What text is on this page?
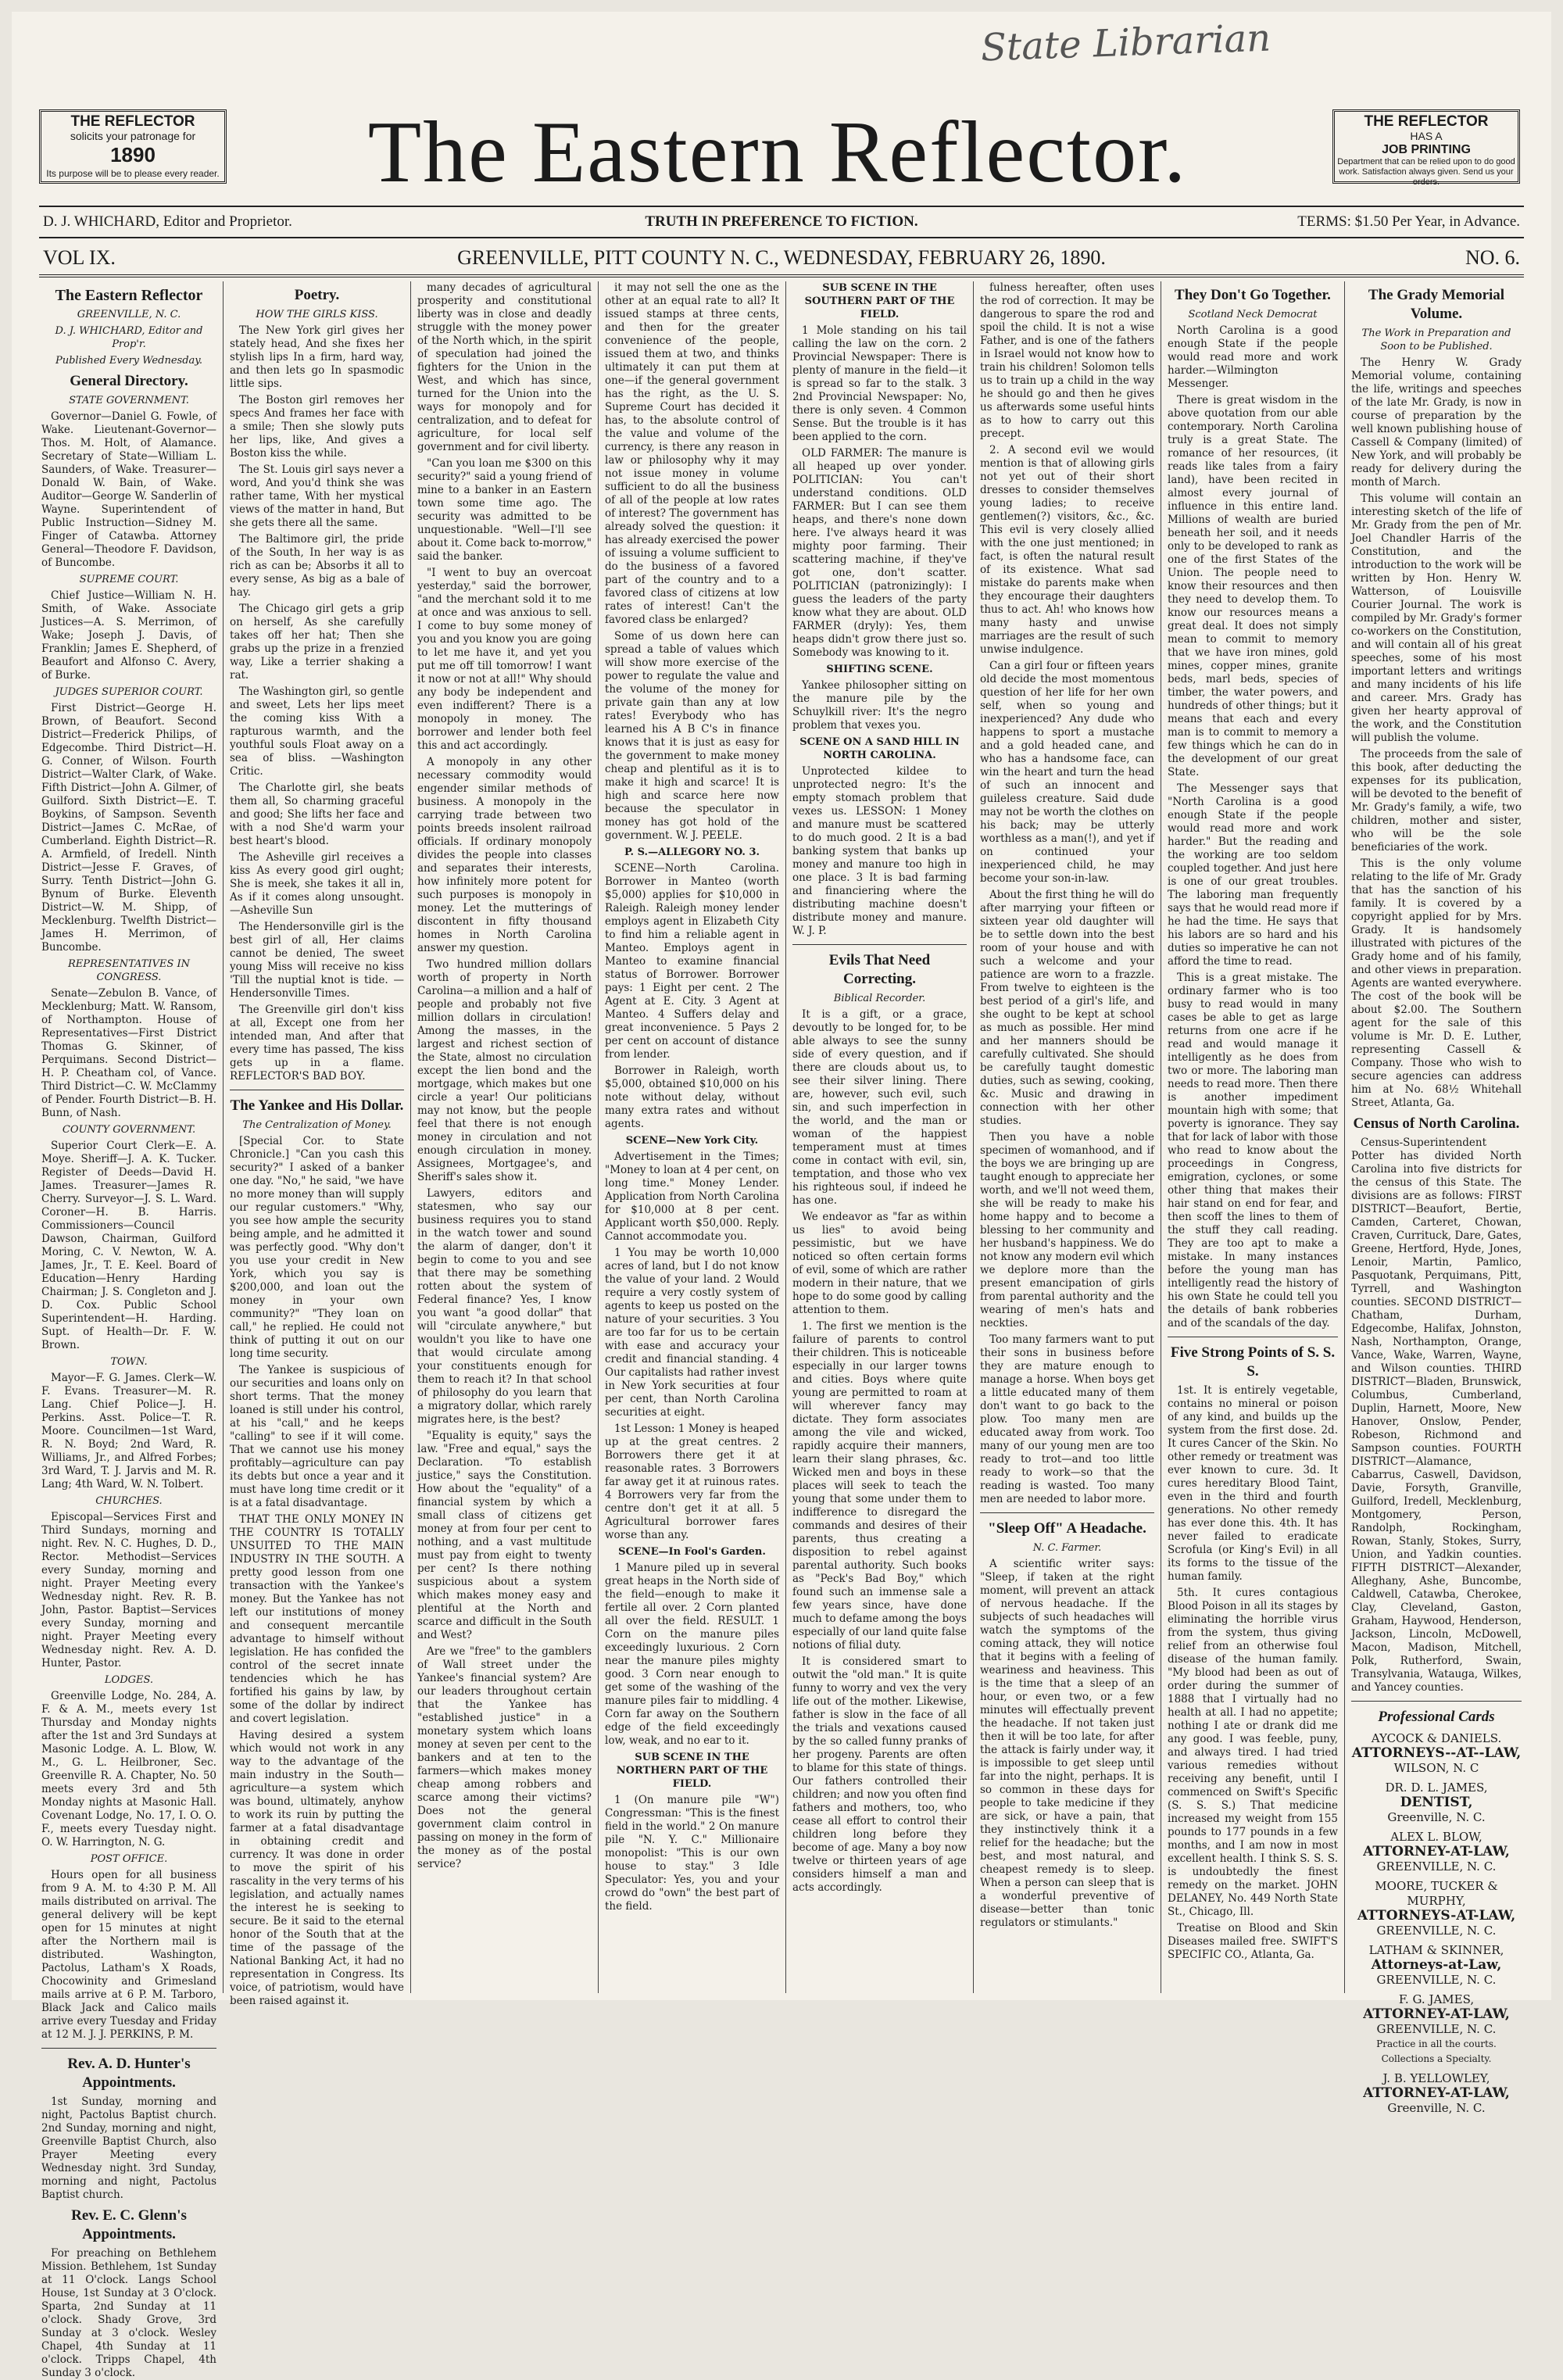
State Librarian
THE REFLECTOR
solicits your patronage for
1890
Its purpose will be to please every reader.	The Eastern Reflector.	THE REFLECTOR
HAS A
JOB PRINTING
Department that can be relied upon to do good work. Satisfaction always given. Send us your orders.
D. J. WHICHARD, Editor and Proprietor.	TRUTH IN PREFERENCE TO FICTION.	TERMS: $1.50 Per Year, in Advance.
VOL IX.	GREENVILLE, PITT COUNTY N. C., WEDNESDAY, FEBRUARY 26, 1890.	NO. 6.
The Eastern Reflector
GREENVILLE, N. C.
D. J. WHICHARD, Editor and Prop'r.
Published Every Wednesday.
General Directory.
STATE GOVERNMENT.

Governor—Daniel G. Fowle, of Wake. Lieutenant-Governor—Thos. M. Holt, of Alamance. Secretary of State—William L. Saunders, of Wake. Treasurer—Donald W. Bain, of Wake. Auditor—George W. Sanderlin of Wayne. Superintendent of Public Instruction—Sidney M. Finger of Catawba. Attorney General—Theodore F. Davidson, of Buncombe.

SUPREME COURT.

Chief Justice—William N. H. Smith, of Wake. Associate Justices—A. S. Merrimon, of Wake; Joseph J. Davis, of Franklin; James E. Shepherd, of Beaufort and Alfonso C. Avery, of Burke.

JUDGES SUPERIOR COURT.

First District—George H. Brown, of Beaufort. Second District—Frederick Philips, of Edgecombe. Third District—H. G. Conner, of Wilson. Fourth District—Walter Clark, of Wake. Fifth District—John A. Gilmer, of Guilford. Sixth District—E. T. Boykins, of Sampson. Seventh District—James C. McRae, of Cumberland. Eighth District—R. A. Armfield, of Iredell. Ninth District—Jesse F. Graves, of Surry. Tenth District—John G. Bynum of Burke. Eleventh District—W. M. Shipp, of Mecklenburg. Twelfth District—James H. Merrimon, of Buncombe.

REPRESENTATIVES IN CONGRESS.

Senate—Zebulon B. Vance, of Mecklenburg; Matt. W. Ransom, of Northampton. House of Representatives—First District Thomas G. Skinner, of Perquimans. Second District—H. P. Cheatham col, of Vance. Third District—C. W. McClammy of Pender. Fourth District—B. H. Bunn, of Nash.

COUNTY GOVERNMENT.

Superior Court Clerk—E. A. Moye. Sheriff—J. A. K. Tucker. Register of Deeds—David H. James. Treasurer—James R. Cherry. Surveyor—J. S. L. Ward. Coroner—H. B. Harris. Commissioners—Council Dawson, Chairman, Guilford Moring, C. V. Newton, W. A. James, Jr., T. E. Keel. Board of Education—Henry Harding Chairman; J. S. Congleton and J. D. Cox. Public School Superintendent—H. Harding. Supt. of Health—Dr. F. W. Brown.

TOWN.

Mayor—F. G. James. Clerk—W. F. Evans. Treasurer—M. R. Lang. Chief Police—J. H. Perkins. Asst. Police—T. R. Moore. Councilmen—1st Ward, R. N. Boyd; 2nd Ward, R. Williams, Jr., and Alfred Forbes; 3rd Ward, T. J. Jarvis and M. R. Lang; 4th Ward, W. N. Tolbert.

CHURCHES.

Episcopal—Services First and Third Sundays, morning and night. Rev. N. C. Hughes, D. D., Rector. Methodist—Services every Sunday, morning and night. Prayer Meeting every Wednesday night. Rev. R. B. John, Pastor. Baptist—Services every Sunday, morning and night. Prayer Meeting every Wednesday night. Rev. A. D. Hunter, Pastor.

LODGES.

Greenville Lodge, No. 284, A. F. & A. M., meets every 1st Thursday and Monday nights after the 1st and 3rd Sundays at Masonic Lodge. A. L. Blow, W. M., G. L. Heilbroner, Sec. Greenville R. A. Chapter, No. 50 meets every 3rd and 5th Monday nights at Masonic Hall. Covenant Lodge, No. 17, I. O. O. F., meets every Tuesday night. O. W. Harrington, N. G.

POST OFFICE.

Hours open for all business from 9 A. M. to 4:30 P. M. All mails distributed on arrival. The general delivery will be kept open for 15 minutes at night after the Northern mail is distributed. Washington, Pactolus, Latham's X Roads, Chocowinity and Grimesland mails arrive at 6 P. M. Tarboro, Black Jack and Calico mails arrive every Tuesday and Friday at 12 M. J. J. PERKINS, P. M.

Rev. A. D. Hunter's Appointments.

1st Sunday, morning and night, Pactolus Baptist church. 2nd Sunday, morning and night, Greenville Baptist Church, also Prayer Meeting every Wednesday night. 3rd Sunday, morning and night, Pactolus Baptist church.

Rev. E. C. Glenn's Appointments.

For preaching on Bethlehem Mission. Bethlehem, 1st Sunday at 11 O'clock. Langs School House, 1st Sunday at 3 O'clock. Sparta, 2nd Sunday at 11 o'clock. Shady Grove, 3rd Sunday at 3 o'clock. Wesley Chapel, 4th Sunday at 11 o'clock. Tripps Chapel, 4th Sunday 3 o'clock.

Poetry.
HOW THE GIRLS KISS.

The New York girl gives her stately head, And she fixes her stylish lips In a firm, hard way, and then lets go In spasmodic little sips.

The Boston girl removes her specs And frames her face with a smile; Then she slowly puts her lips, like, And gives a Boston kiss the while.

The St. Louis girl says never a word, And you'd think she was rather tame, With her mystical views of the matter in hand, But she gets there all the same.

The Baltimore girl, the pride of the South, In her way is as rich as can be; Absorbs it all to every sense, As big as a bale of hay.

The Chicago girl gets a grip on herself, As she carefully takes off her hat; Then she grabs up the prize in a frenzied way, Like a terrier shaking a rat.

The Washington girl, so gentle and sweet, Lets her lips meet the coming kiss With a rapturous warmth, and the youthful souls Float away on a sea of bliss. —Washington Critic.

The Charlotte girl, she beats them all, So charming graceful and good; She lifts her face and with a nod She'd warm your best heart's blood.

The Asheville girl receives a kiss As every good girl ought; She is meek, she takes it all in, As if it comes along unsought. —Asheville Sun

The Hendersonville girl is the best girl of all, Her claims cannot be denied, The sweet young Miss will receive no kiss 'Till the nuptial knot is tide. —Hendersonville Times.

The Greenville girl don't kiss at all, Except one from her intended man, And after that every time has passed, The kiss gets up in a flame. REFLECTOR'S BAD BOY.

The Yankee and His Dollar.
The Centralization of Money.

[Special Cor. to State Chronicle.] "Can you cash this security?" I asked of a banker one day. "No," he said, "we have no more money than will supply our regular customers." "Why, you see how ample the security being ample, and he admitted it was perfectly good. "Why don't you use your credit in New York, which you say is $200,000, and loan out the money in your own community?" "They loan on call," he replied. He could not think of putting it out on our long time security.

The Yankee is suspicious of our securities and loans only on short terms. That the money loaned is still under his control, at his "call," and he keeps "calling" to see if it will come. That we cannot use his money profitably—agriculture can pay its debts but once a year and it must have long time credit or it is at a fatal disadvantage.

THAT THE ONLY MONEY IN THE COUNTRY IS TOTALLY UNSUITED TO THE MAIN INDUSTRY IN THE SOUTH. A pretty good lesson from one transaction with the Yankee's money. But the Yankee has not left our institutions of money and consequent mercantile advantage to himself without legislation. He has confided the control of the secret innate tendencies which he has fortified his gains by law, by some of the dollar by indirect and covert legislation.

Having desired a system which would not work in any way to the advantage of the main industry in the South—agriculture—a system which was bound, ultimately, anyhow to work its ruin by putting the farmer at a fatal disadvantage in obtaining credit and currency. It was done in order to move the spirit of his rascality in the very terms of his legislation, and actually names the interest he is seeking to secure. Be it said to the eternal honor of the South that at the time of the passage of the National Banking Act, it had no representation in Congress. Its voice, of patriotism, would have been raised against it.

many decades of agricultural prosperity and constitutional liberty was in close and deadly struggle with the money power of the North which, in the spirit of speculation had joined the fighters for the Union in the West, and which has since, turned for the Union into the ways for monopoly and for centralization, and to defeat for agriculture, for local self government and for civil liberty.

"Can you loan me $300 on this security?" said a young friend of mine to a banker in an Eastern town some time ago. The security was admitted to be unquestionable. "Well—I'll see about it. Come back to-morrow," said the banker.

"I went to buy an overcoat yesterday," said the borrower, "and the merchant sold it to me at once and was anxious to sell. I come to buy some money of you and you know you are going to let me have it, and yet you put me off till tomorrow! I want it now or not at all!" Why should any body be independent and even indifferent? There is a monopoly in money. The borrower and lender both feel this and act accordingly.

A monopoly in any other necessary commodity would engender similar methods of business. A monopoly in the carrying trade between two points breeds insolent railroad officials. If ordinary monopoly divides the people into classes and separates their interests, how infinitely more potent for such purposes is monopoly in money. Let the mutterings of discontent in fifty thousand homes in North Carolina answer my question.

Two hundred million dollars worth of property in North Carolina—a million and a half of people and probably not five million dollars in circulation! Among the masses, in the largest and richest section of the State, almost no circulation except the lien bond and the mortgage, which makes but one circle a year! Our politicians may not know, but the people feel that there is not enough money in circulation and not enough circulation in money. Assignees, Mortgagee's, and Sheriff's sales show it.

Lawyers, editors and statesmen, who say our business requires you to stand in the watch tower and sound the alarm of danger, don't it begin to come to you and see that there may be something rotten about the system of Federal finance? Yes, I know you want "a good dollar" that will "circulate anywhere," but wouldn't you like to have one that would circulate among your constituents enough for them to reach it? In that school of philosophy do you learn that a migratory dollar, which rarely migrates here, is the best?

"Equality is equity," says the law. "Free and equal," says the Declaration. "To establish justice," says the Constitution. How about the "equality" of a financial system by which a small class of citizens get money at from four per cent to nothing, and a vast multitude must pay from eight to twenty per cent? Is there nothing suspicious about a system which makes money easy and plentiful at the North and scarce and difficult in the South and West?

Are we "free" to the gamblers of Wall street under the Yankee's financial system? Are our leaders throughout certain that the Yankee has "established justice" in a monetary system which loans money at seven per cent to the bankers and at ten to the farmers—which makes money cheap among robbers and scarce among their victims? Does not the general government claim control in passing on money in the form of the money as of the postal service?

it may not sell the one as the other at an equal rate to all? It issued stamps at three cents, and then for the greater convenience of the people, issued them at two, and thinks ultimately it can put them at one—if the general government has the right, as the U. S. Supreme Court has decided it has, to the absolute control of the value and volume of the currency, is there any reason in law or philosophy why it may not issue money in volume sufficient to do all the business of all of the people at low rates of interest? The government has already solved the question: it has already exercised the power of issuing a volume sufficient to do the business of a favored part of the country and to a favored class of citizens at low rates of interest! Can't the favored class be enlarged?

Some of us down here can spread a table of values which will show more exercise of the power to regulate the value and the volume of the money for private gain than any at low rates! Everybody who has learned his A B C's in finance knows that it is just as easy for the government to make money cheap and plentiful as it is to make it high and scarce! It is high and scarce here now because the speculator in money has got hold of the government. W. J. PEELE.

P. S.—ALLEGORY NO. 3.

SCENE—North Carolina. Borrower in Manteo (worth $5,000) applies for $10,000 in Raleigh. Raleigh money lender employs agent in Elizabeth City to find him a reliable agent in Manteo. Employs agent in Manteo to examine financial status of Borrower. Borrower pays: 1 Eight per cent. 2 The Agent at E. City. 3 Agent at Manteo. 4 Suffers delay and great inconvenience. 5 Pays 2 per cent on account of distance from lender.

Borrower in Raleigh, worth $5,000, obtained $10,000 on his note without delay, without many extra rates and without agents.

SCENE—New York City.

Advertisement in the Times; "Money to loan at 4 per cent, on long time." Money Lender. Application from North Carolina for $10,000 at 8 per cent. Applicant worth $50,000. Reply. Cannot accommodate you.

1 You may be worth 10,000 acres of land, but I do not know the value of your land. 2 Would require a very costly system of agents to keep us posted on the nature of your securities. 3 You are too far for us to be certain with ease and accuracy your credit and financial standing. 4 Our capitalists had rather invest in New York securities at four per cent, than North Carolina securities at eight.

1st Lesson: 1 Money is heaped up at the great centres. 2 Borrowers there get it at reasonable rates. 3 Borrowers far away get it at ruinous rates. 4 Borrowers very far from the centre don't get it at all. 5 Agricultural borrower fares worse than any.

SCENE—In Fool's Garden.

1 Manure piled up in several great heaps in the North side of the field—enough to make it fertile all over. 2 Corn planted all over the field. RESULT. 1 Corn on the manure piles exceedingly luxurious. 2 Corn near the manure piles mighty good. 3 Corn near enough to get some of the washing of the manure piles fair to middling. 4 Corn far away on the Southern edge of the field exceedingly low, weak, and no ear to it.

SUB SCENE IN THE NORTHERN PART OF THE FIELD.

1 (On manure pile "W") Congressman: "This is the finest field in the world." 2 On manure pile "N. Y. C." Millionaire monopolist: "This is our own house to stay." 3 Idle Speculator: Yes, you and your crowd do "own" the best part of the field.

SUB SCENE IN THE SOUTHERN PART OF THE FIELD.

1 Mole standing on his tail calling the law on the corn. 2 Provincial Newspaper: There is plenty of manure in the field—it is spread so far to the stalk. 3 2nd Provincial Newspaper: No, there is only seven. 4 Common Sense. But the trouble is it has been applied to the corn.

OLD FARMER: The manure is all heaped up over yonder. POLITICIAN: You can't understand conditions. OLD FARMER: But I can see them heaps, and there's none down here. I've always heard it was mighty poor farming. Their scattering machine, if they've got one, don't scatter. POLITICIAN (patronizingly): I guess the leaders of the party know what they are about. OLD FARMER (dryly): Yes, them heaps didn't grow there just so. Somebody was knowing to it.

SHIFTING SCENE.

Yankee philosopher sitting on the manure pile by the Schuylkill river: It's the negro problem that vexes you.

SCENE ON A SAND HILL IN NORTH CAROLINA.

Unprotected kildee to unprotected negro: It's the empty stomach problem that vexes us. LESSON: 1 Money and manure must be scattered to do much good. 2 It is a bad banking system that banks up money and manure too high in one place. 3 It is bad farming and financiering where the distributing machine doesn't distribute money and manure. W. J. P.

Evils That Need Correcting.
Biblical Recorder.

It is a gift, or a grace, devoutly to be longed for, to be able always to see the sunny side of every question, and if there are clouds about us, to see their silver lining. There are, however, such evil, such sin, and such imperfection in the world, and the man or woman of the happiest temperament must at times come in contact with evil, sin, temptation, and those who vex his righteous soul, if indeed he has one.

We endeavor as "far as within us lies" to avoid being pessimistic, but we have noticed so often certain forms of evil, some of which are rather modern in their nature, that we hope to do some good by calling attention to them.

1. The first we mention is the failure of parents to control their children. This is noticeable especially in our larger towns and cities. Boys where quite young are permitted to roam at will wherever fancy may dictate. They form associates among the vile and wicked, rapidly acquire their manners, learn their slang phrases, &c. Wicked men and boys in these places will seek to teach the young that some under them to indifference to disregard the commands and desires of their parents, thus creating a disposition to rebel against parental authority. Such books as "Peck's Bad Boy," which found such an immense sale a few years since, have done much to defame among the boys especially of our land quite false notions of filial duty.

It is considered smart to outwit the "old man." It is quite funny to worry and vex the very life out of the mother. Likewise, father is slow in the face of all the trials and vexations caused by the so called funny pranks of her progeny. Parents are often to blame for this state of things. Our fathers controlled their children; and now you often find fathers and mothers, too, who cease all effort to control their children long before they become of age. Many a boy now twelve or thirteen years of age considers himself a man and acts accordingly.

fulness hereafter, often uses the rod of correction. It may be dangerous to spare the rod and spoil the child. It is not a wise Father, and is one of the fathers in Israel would not know how to train his children! Solomon tells us to train up a child in the way he should go and then he gives us afterwards some useful hints as to how to carry out this precept.

2. A second evil we would mention is that of allowing girls not yet out of their short dresses to consider themselves young ladies; to receive gentlemen(?) visitors, &c., &c. This evil is very closely allied with the one just mentioned; in fact, is often the natural result of its existence. What sad mistake do parents make when they encourage their daughters thus to act. Ah! who knows how many hasty and unwise marriages are the result of such unwise indulgence.

Can a girl four or fifteen years old decide the most momentous question of her life for her own self, when so young and inexperienced? Any dude who happens to sport a mustache and a gold headed cane, and who has a handsome face, can win the heart and turn the head of such an innocent and guileless creature. Said dude may not be worth the clothes on his back; may be utterly worthless as a man(!), and yet if on continued your inexperienced child, he may become your son-in-law.

About the first thing he will do after marrying your fifteen or sixteen year old daughter will be to settle down into the best room of your house and with such a welcome and your patience are worn to a frazzle. From twelve to eighteen is the best period of a girl's life, and she ought to be kept at school as much as possible. Her mind and her manners should be carefully cultivated. She should be carefully taught domestic duties, such as sewing, cooking, &c. Music and drawing in connection with her other studies.

Then you have a noble specimen of womanhood, and if the boys we are bringing up are taught enough to appreciate her worth, and we'll not weed them, she will be ready to make his home happy and to become a blessing to her community and her husband's happiness. We do not know any modern evil which we deplore more than the present emancipation of girls from parental authority and the wearing of men's hats and neckties.

Too many farmers want to put their sons in business before they are mature enough to manage a horse. When boys get a little educated many of them don't want to go back to the plow. Too many men are educated away from work. Too many of our young men are too ready to trot—and too little ready to work—so that the reading is wasted. Too many men are needed to labor more.

"Sleep Off" A Headache.
N. C. Farmer.

A scientific writer says: "Sleep, if taken at the right moment, will prevent an attack of nervous headache. If the subjects of such headaches will watch the symptoms of the coming attack, they will notice that it begins with a feeling of weariness and heaviness. This is the time that a sleep of an hour, or even two, or a few minutes will effectually prevent the headache. If not taken just then it will be too late, for after the attack is fairly under way, it is impossible to get sleep until far into the night, perhaps. It is so common in these days for people to take medicine if they are sick, or have a pain, that they instinctively think it a relief for the headache; but the best, and most natural, and cheapest remedy is to sleep. When a person can sleep that is a wonderful preventive of disease—better than tonic regulators or stimulants."

They Don't Go Together.
Scotland Neck Democrat

North Carolina is a good enough State if the people would read more and work harder.—Wilmington Messenger.

There is great wisdom in the above quotation from our able contemporary. North Carolina truly is a great State. The romance of her resources, (it reads like tales from a fairy land), have been recited in almost every journal of influence in this entire land. Millions of wealth are buried beneath her soil, and it needs only to be developed to rank as one of the first States of the Union. The people need to know their resources and then they need to develop them. To know our resources means a great deal. It does not simply mean to commit to memory that we have iron mines, gold mines, copper mines, granite beds, marl beds, species of timber, the water powers, and hundreds of other things; but it means that each and every man is to commit to memory a few things which he can do in the development of our great State.

The Messenger says that "North Carolina is a good enough State if the people would read more and work harder." But the reading and the working are too seldom coupled together. And just here is one of our great troubles. The laboring man frequently says that he would read more if he had the time. He says that his labors are so hard and his duties so imperative he can not afford the time to read.

This is a great mistake. The ordinary farmer who is too busy to read would in many cases be able to get as large returns from one acre if he read and would manage it intelligently as he does from two or more. The laboring man needs to read more. Then there is another impediment mountain high with some; that poverty is ignorance. They say that for lack of labor with those who read to know about the proceedings in Congress, emigration, cyclones, or some other thing that makes their hair stand on end for fear, and then scoff the lines to them of the stuff they call reading. They are too apt to make a mistake. In many instances before the young man has intelligently read the history of his own State he could tell you the details of bank robberies and of the scandals of the day.

Five Strong Points of S. S. S.

1st. It is entirely vegetable, contains no mineral or poison of any kind, and builds up the system from the first dose. 2d. It cures Cancer of the Skin. No other remedy or treatment was ever known to cure. 3d. It cures hereditary Blood Taint, even in the third and fourth generations. No other remedy has ever done this. 4th. It has never failed to eradicate Scrofula (or King's Evil) in all its forms to the tissue of the human family.

5th. It cures contagious Blood Poison in all its stages by eliminating the horrible virus from the system, thus giving relief from an otherwise foul disease of the human family. "My blood had been as out of order during the summer of 1888 that I virtually had no health at all. I had no appetite; nothing I ate or drank did me any good. I was feeble, puny, and always tired. I had tried various remedies without receiving any benefit, until I commenced on Swift's Specific (S. S. S.) That medicine increased my weight from 155 pounds to 177 pounds in a few months, and I am now in most excellent health. I think S. S. S. is undoubtedly the finest remedy on the market. JOHN DELANEY, No. 449 North State St., Chicago, Ill.

Treatise on Blood and Skin Diseases mailed free. SWIFT'S SPECIFIC CO., Atlanta, Ga.

The Grady Memorial Volume.
The Work in Preparation and Soon to be Published.

The Henry W. Grady Memorial volume, containing the life, writings and speeches of the late Mr. Grady, is now in course of preparation by the well known publishing house of Cassell & Company (limited) of New York, and will probably be ready for delivery during the month of March.

This volume will contain an interesting sketch of the life of Mr. Grady from the pen of Mr. Joel Chandler Harris of the Constitution, and the introduction to the work will be written by Hon. Henry W. Watterson, of Louisville Courier Journal. The work is compiled by Mr. Grady's former co-workers on the Constitution, and will contain all of his great speeches, some of his most important letters and writings and many incidents of his life and career. Mrs. Grady has given her hearty approval of the work, and the Constitution will publish the volume.

The proceeds from the sale of this book, after deducting the expenses for its publication, will be devoted to the benefit of Mr. Grady's family, a wife, two children, mother and sister, who will be the sole beneficiaries of the work.

This is the only volume relating to the life of Mr. Grady that has the sanction of his family. It is covered by a copyright applied for by Mrs. Grady. It is handsomely illustrated with pictures of the Grady home and of his family, and other views in preparation. Agents are wanted everywhere. The cost of the book will be about $2.00. The Southern agent for the sale of this volume is Mr. D. E. Luther, representing Cassell & Company. Those who wish to secure agencies can address him at No. 68½ Whitehall Street, Atlanta, Ga.

Census of North Carolina.

Census-Superintendent Potter has divided North Carolina into five districts for the census of this State. The divisions are as follows: FIRST DISTRICT—Beaufort, Bertie, Camden, Carteret, Chowan, Craven, Currituck, Dare, Gates, Greene, Hertford, Hyde, Jones, Lenoir, Martin, Pamlico, Pasquotank, Perquimans, Pitt, Tyrrell, and Washington counties. SECOND DISTRICT—Chatham, Durham, Edgecombe, Halifax, Johnston, Nash, Northampton, Orange, Vance, Wake, Warren, Wayne, and Wilson counties. THIRD DISTRICT—Bladen, Brunswick, Columbus, Cumberland, Duplin, Harnett, Moore, New Hanover, Onslow, Pender, Robeson, Richmond and Sampson counties. FOURTH DISTRICT—Alamance, Cabarrus, Caswell, Davidson, Davie, Forsyth, Granville, Guilford, Iredell, Mecklenburg, Montgomery, Person, Randolph, Rockingham, Rowan, Stanly, Stokes, Surry, Union, and Yadkin counties. FIFTH DISTRICT—Alexander, Alleghany, Ashe, Buncombe, Caldwell, Catawba, Cherokee, Clay, Cleveland, Gaston, Graham, Haywood, Henderson, Jackson, Lincoln, McDowell, Macon, Madison, Mitchell, Polk, Rutherford, Swain, Transylvania, Watauga, Wilkes, and Yancey counties.

Professional Cards
AYCOCK & DANIELS.
ATTORNEYS--AT--LAW,
WILSON, N. C
DR. D. L. JAMES,
DENTIST,
Greenville, N. C.
ALEX L. BLOW,
ATTORNEY-AT-LAW,
GREENVILLE, N. C.
MOORE, TUCKER & MURPHY,
ATTORNEYS-AT-LAW,
GREENVILLE, N. C.
LATHAM & SKINNER,
Attorneys-at-Law,
GREENVILLE, N. C.
F. G. JAMES,
ATTORNEY-AT-LAW,
GREENVILLE, N. C.
Practice in all the courts. Collections a Specialty.
J. B. YELLOWLEY,
ATTORNEY-AT-LAW,
Greenville, N. C.
